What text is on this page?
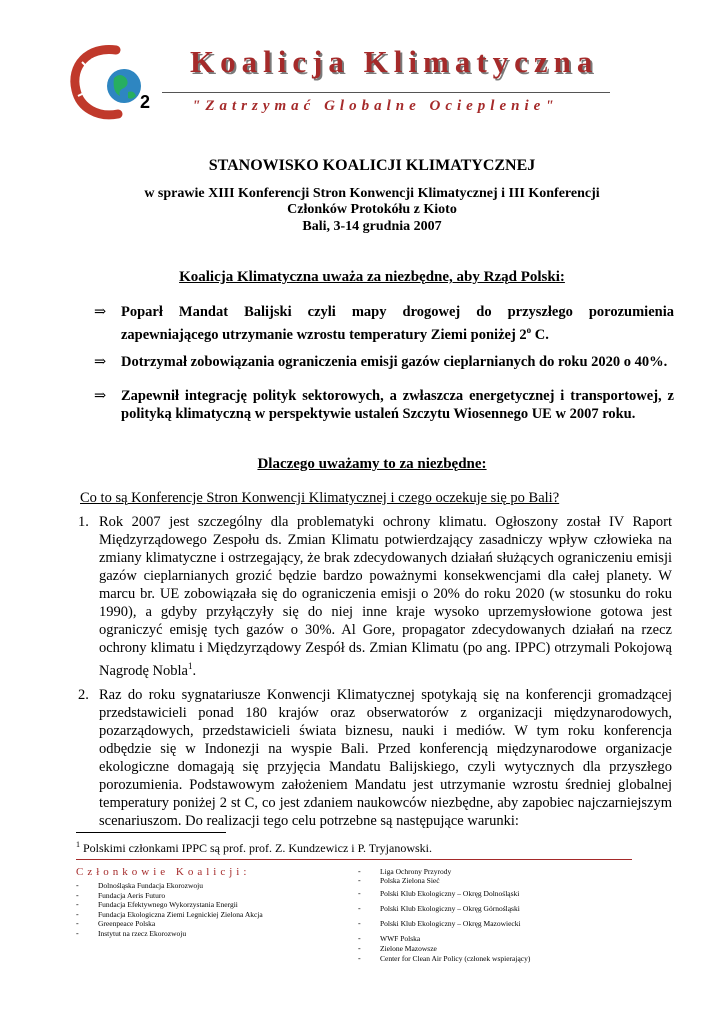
2
Koalicja Klimatyczna
"Zatrzymać Globalne Ocieplenie"
STANOWISKO KOALICJI KLIMATYCZNEJ
w sprawie XIII Konferencji Stron Konwencji Klimatycznej i III Konferencji
Członków Protokółu z Kioto
Bali, 3-14 grudnia 2007
Koalicja Klimatyczna uważa za niezbędne, aby Rząd Polski:
⇒ Poparł Mandat Balijski czyli mapy drogowej do przyszłego porozumienia zapewniającego utrzymanie wzrostu temperatury Ziemi poniżej 2$^o$ C.
⇒ Dotrzymał zobowiązania ograniczenia emisji gazów cieplarnianych do roku 2020 o 40%.
⇒ Zapewnił integrację polityk sektorowych, a zwłaszcza energetycznej i transportowej, z polityką klimatyczną w perspektywie ustaleń Szczytu Wiosennego UE w 2007 roku.
Dlaczego uważamy to za niezbędne:
Co to są Konferencje Stron Konwencji Klimatycznej i czego oczekuje się po Bali?
1. Rok 2007 jest szczególny dla problematyki ochrony klimatu. Ogłoszony został IV Raport Międzyrządowego Zespołu ds. Zmian Klimatu potwierdzający zasadniczy wpływ człowieka na zmiany klimatyczne i ostrzegający, że brak zdecydowanych działań służących ograniczeniu emisji gazów cieplarnianych grozić będzie bardzo poważnymi konsekwencjami dla całej planety. W marcu br. UE zobowiązała się do ograniczenia emisji o 20% do roku 2020 (w stosunku do roku 1990), a gdyby przyłączyły się do niej inne kraje wysoko uprzemysłowione gotowa jest ograniczyć emisję tych gazów o 30%. Al Gore, propagator zdecydowanych działań na rzecz ochrony klimatu i Międzyrządowy Zespół ds. Zmian Klimatu (po ang. IPPC) otrzymali Pokojową Nagrodę Nobla$^1$.
2. Raz do roku sygnatariusze Konwencji Klimatycznej spotykają się na konferencji gromadzącej przedstawicieli ponad 180 krajów oraz obserwatorów z organizacji międzynarodowych, pozarządowych, przedstawicieli świata biznesu, nauki i mediów. W tym roku konferencja odbędzie się w Indonezji na wyspie Bali. Przed konferencją międzynarodowe organizacje ekologiczne domagają się przyjęcia Mandatu Balijskiego, czyli wytycznych dla przyszłego porozumienia. Podstawowym założeniem Mandatu jest utrzymanie wzrostu średniej globalnej temperatury poniżej 2 st C, co jest zdaniem naukowców niezbędne, aby zapobiec najczarniejszym scenariuszom. Do realizacji tego celu potrzebne są następujące warunki:
$^1$ Polskimi członkami IPPC są prof. prof. Z. Kundzewicz i P. Tryjanowski.
Członkowie Koalicji:
- Dolnośląska Fundacja Ekorozwoju
- Fundacja Aeris Futuro
- Fundacja Efektywnego Wykorzystania Energii
- Fundacja Ekologiczna Ziemi Legnickiej Zielona Akcja
- Greenpeace Polska
- Instytut na rzecz Ekorozwoju
- Liga Ochrony Przyrody
- Polska Zielona Sieć
- Polski Klub Ekologiczny – Okręg Dolnośląski
- Polski Klub Ekologiczny – Okręg Górnośląski
- Polski Klub Ekologiczny – Okręg Mazowiecki
- WWF Polska
- Zielone Mazowsze
- Center for Clean Air Policy (członek wspierający)
